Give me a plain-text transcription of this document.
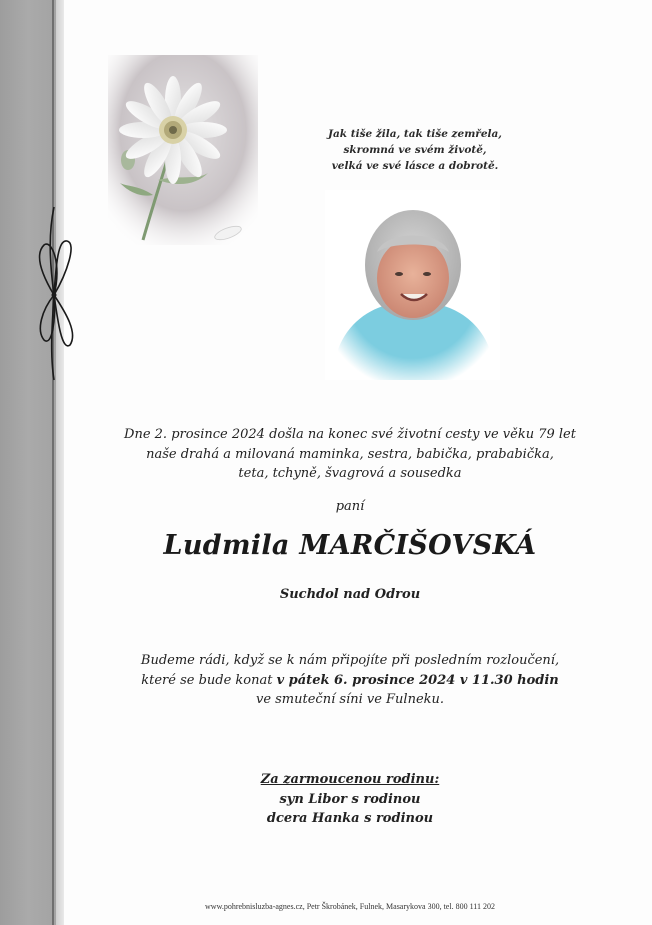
Jak tiše žila, tak tiše zemřela,
skromná ve svém životě,
velká ve své lásce a dobrotě.
Dne 2. prosince 2024 došla na konec své životní cesty ve věku 79 let
naše drahá a milovaná maminka, sestra, babička, prababička,
teta, tchyně, švagrová a sousedka
paní
Ludmila MARČIŠOVSKÁ
Suchdol nad Odrou
Budeme rádi, když se k nám připojíte při posledním rozloučení,
které se bude konat v pátek 6. prosince 2024 v 11.30 hodin
ve smuteční síni ve Fulneku.
Za zarmoucenou rodinu:
syn Libor s rodinou
dcera Hanka s rodinou
www.pohrebnisluzba-agnes.cz, Petr Škrobánek, Fulnek, Masarykova 300, tel. 800 111 202
